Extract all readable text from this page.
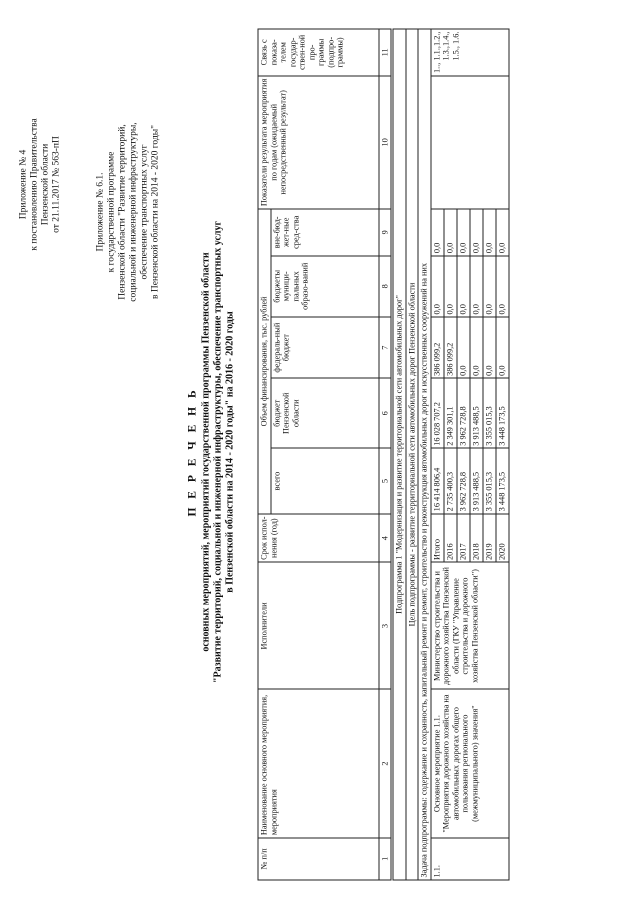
Приложение № 4 к постановлению Правительства Пензенской области от 21.11.2017 № 563-пП	Приложение № 6.1. к государственной программе Пензенской области "Развитие территорий, социальной и инженерной инфраструктуры, обеспечение транспортных услуг в Пензенской области на 2014 - 2020 годы"
П Е Р Е Ч Е Н Ь основных мероприятий, мероприятий государственной программы Пензенской области "Развитие территорий, социальной и инженерной инфраструктуры, обеспечение транспортных услуг в Пензенской области на 2014 - 2020 годы" на 2016 - 2020 годы
№ п/п	Наименование основного мероприятия, мероприятия	Исполнители	Срок испол-нения (год)	Объем финансирования, тыс. рублей					Показатели результата мероприятия по годам (ожидаемый непосредственный результат)	Связь с показа-телем государ-ствен-ной про-граммы (подпро-граммы)
				всего	бюджет Пензенской области	федераль-ный бюджет	бюджеты муници-пальных образо-ваний	вне-бюд-жет-ные сред-ства		
1	2	3	4	5	6	7	8	9	10	11
Подпрограмма 1 "Модернизация и развитие территориальной сети автомобильных дорог"										
Цель подпрограммы - развитие территориальной сети автомобильных дорог Пензенской области										
Задача подпрограммы: содержание и сохранность, капитальный ремонт и ремонт, строительство и реконструкция автомобильных дорог и искусственных сооружений на них										
1.1.	Основное мероприятие 1.1. "Мероприятия дорожного хозяйства на автомобильных дорогах общего пользования регионального (межмуниципального) значения"	Министерство строительства и дорожного хозяйства Пензенской области (ГКУ "Управление строительства и дорожного хозяйства Пензенской области")	Итого	16 414 806,4	16 028 707,2	386 099,2	0,0	0,0		1.., 1.1.,1.2., 1.3.,1.4., 1.5., 1.6.
			2016	2 735 400,3	2 349 301,1	386 099,2	0,0	0,0		
			2017	3 962 728,8	3 962 728,8	0,0	0,0	0,0		
			2018	3 913 488,5	3 913 488,5	0,0	0,0	0,0		
			2019	3 355 015,3	3 355 015,3	0,0	0,0	0,0		
			2020	3 448 173,5	3 448 173,5	0,0	0,0	0,0		
